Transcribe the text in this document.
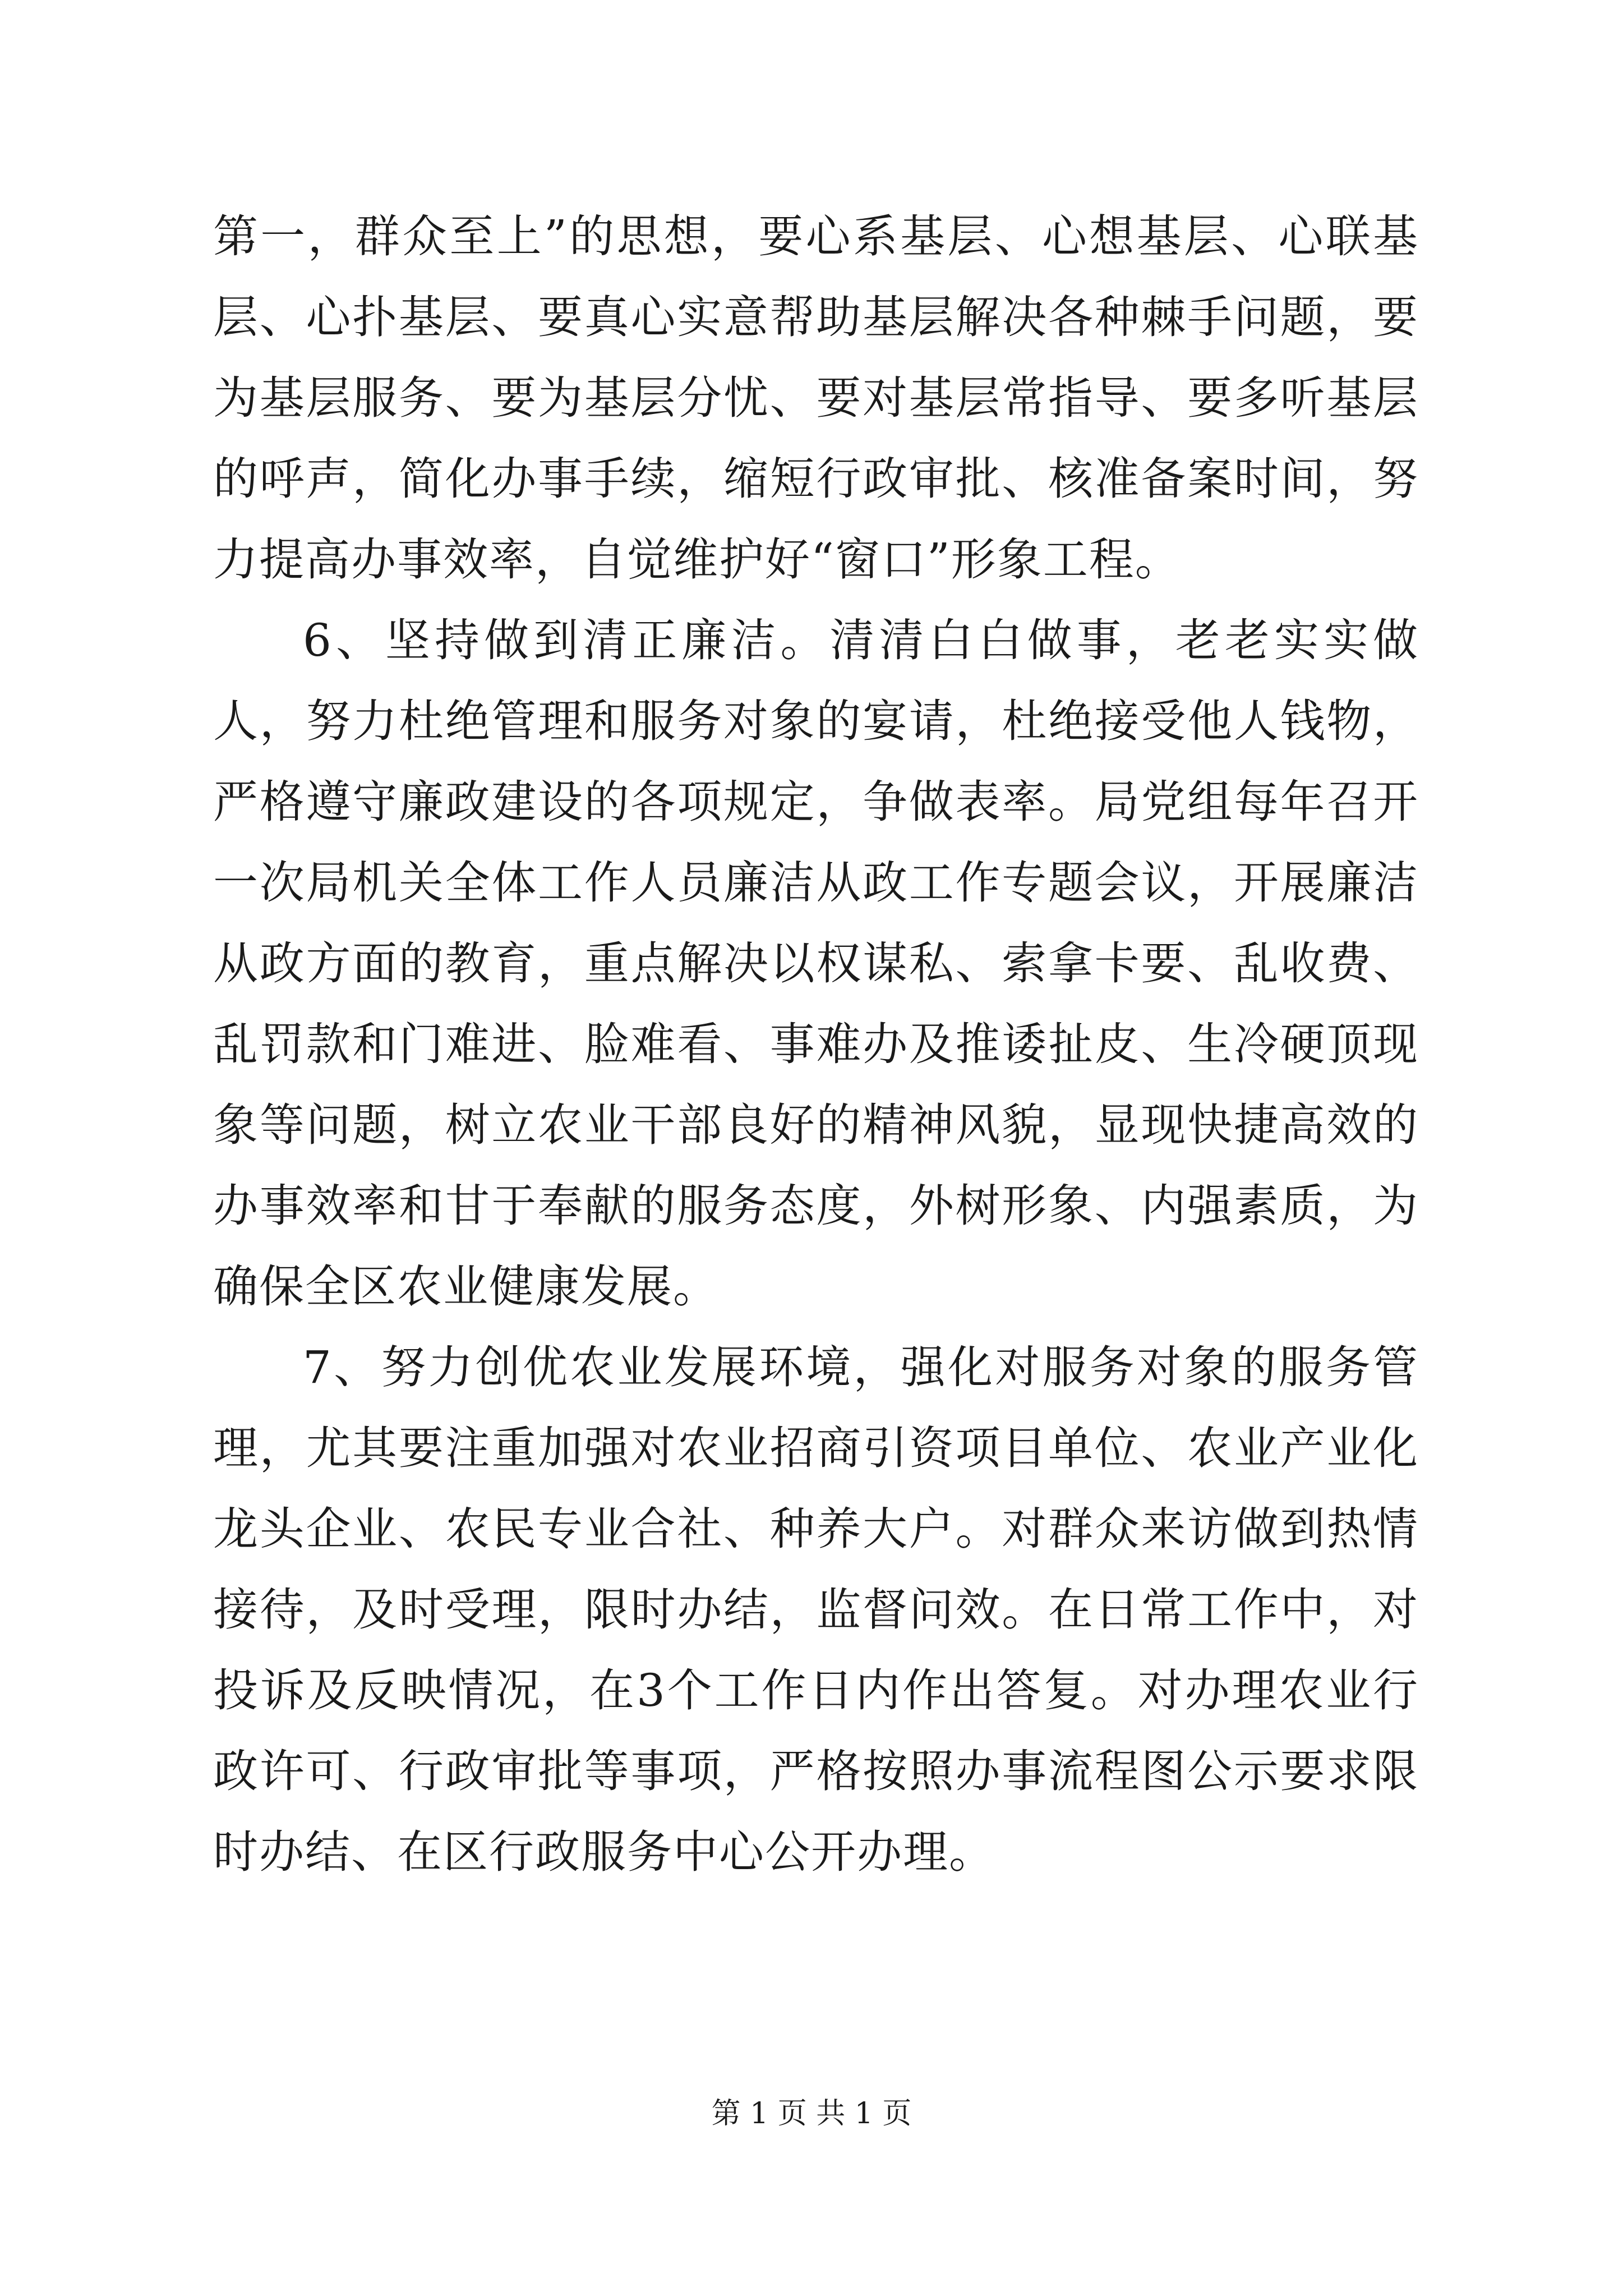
第一，群众至上”的思想，要心系基层、心想基层、心联基层、心扑基层、要真心实意帮助基层解决各种棘手问题，要为基层服务、要为基层分忧、要对基层常指导、要多听基层的呼声，简化办事手续，缩短行政审批、核准备案时间，努力提高办事效率，自觉维护好“窗口”形象工程。

6、坚持做到清正廉洁。清清白白做事，老老实实做人，努力杜绝管理和服务对象的宴请，杜绝接受他人钱物，严格遵守廉政建设的各项规定，争做表率。局党组每年召开一次局机关全体工作人员廉洁从政工作专题会议，开展廉洁从政方面的教育，重点解决以权谋私、索拿卡要、乱收费、乱罚款和门难进、脸难看、事难办及推诿扯皮、生冷硬顶现象等问题，树立农业干部良好的精神风貌，显现快捷高效的办事效率和甘于奉献的服务态度，外树形象、内强素质，为确保全区农业健康发展。

7、努力创优农业发展环境，强化对服务对象的服务管理，尤其要注重加强对农业招商引资项目单位、农业产业化龙头企业、农民专业合社、种养大户。对群众来访做到热情接待，及时受理，限时办结，监督问效。在日常工作中，对投诉及反映情况，在3个工作日内作出答复。对办理农业行政许可、行政审批等事项，严格按照办事流程图公示要求限时办结、在区行政服务中心公开办理。

第 1 页 共 1 页
